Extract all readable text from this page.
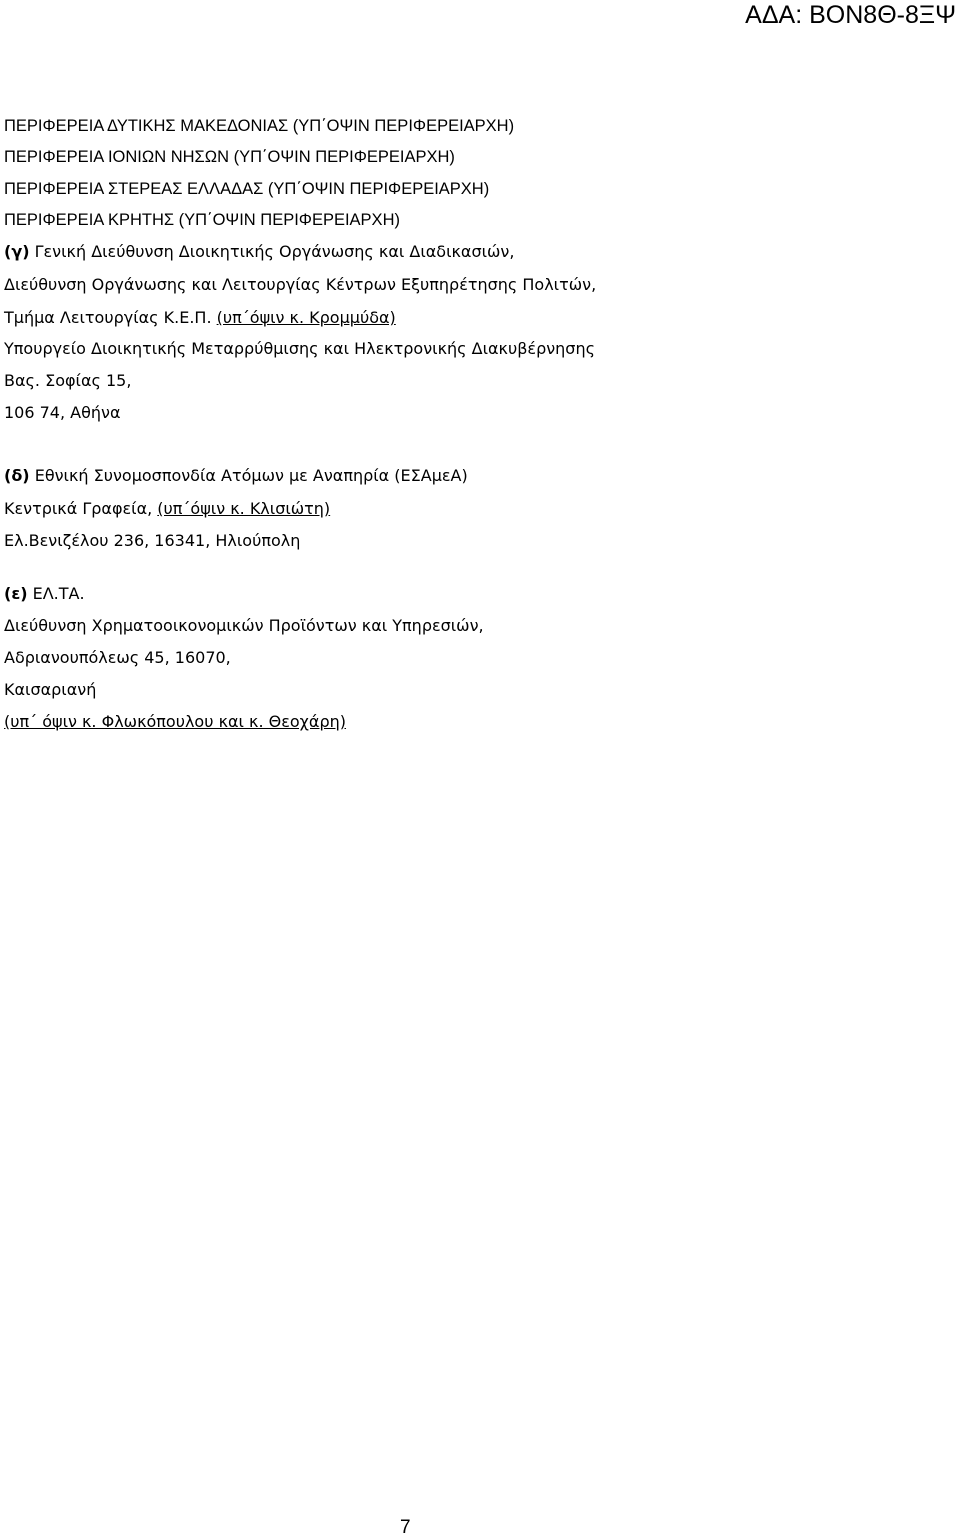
ΑΔΑ: ΒΟΝ8Θ-8ΞΨ
ΠΕΡΙΦΕΡΕΙΑ ΔΥΤΙΚΗΣ ΜΑΚΕΔΟΝΙΑΣ (ΥΠ΄ΟΨΙΝ ΠΕΡΙΦΕΡΕΙΑΡΧΗ)
ΠΕΡΙΦΕΡΕΙΑ ΙΟΝΙΩΝ ΝΗΣΩΝ (ΥΠ΄ΟΨΙΝ ΠΕΡΙΦΕΡΕΙΑΡΧΗ)
ΠΕΡΙΦΕΡΕΙΑ ΣΤΕΡΕΑΣ ΕΛΛΑΔΑΣ (ΥΠ΄ΟΨΙΝ ΠΕΡΙΦΕΡΕΙΑΡΧΗ)
ΠΕΡΙΦΕΡΕΙΑ ΚΡΗΤΗΣ (ΥΠ΄ΟΨΙΝ ΠΕΡΙΦΕΡΕΙΑΡΧΗ)
(γ) Γενική Διεύθυνση Διοικητικής Οργάνωσης και Διαδικασιών,
Διεύθυνση Οργάνωσης και Λειτουργίας Κέντρων Εξυπηρέτησης Πολιτών,
Τμήμα Λειτουργίας Κ.Ε.Π. (υπ΄όψιν κ. Κρομμύδα)
Υπουργείο Διοικητικής Μεταρρύθμισης και Ηλεκτρονικής Διακυβέρνησης
Βας. Σοφίας 15,
106 74, Αθήνα
(δ) Εθνική Συνομοσπονδία Ατόμων με Αναπηρία (ΕΣΑμεΑ)
Κεντρικά Γραφεία, (υπ΄όψιν κ. Κλισιώτη)
Ελ.Βενιζέλου 236, 16341, Ηλιούπολη
(ε) ΕΛ.ΤΑ.
Διεύθυνση Χρηματοοικονομικών Προϊόντων και Υπηρεσιών,
Αδριανουπόλεως 45, 16070,
Καισαριανή
(υπ΄ όψιν κ. Φλωκόπουλου και κ. Θεοχάρη)
7
